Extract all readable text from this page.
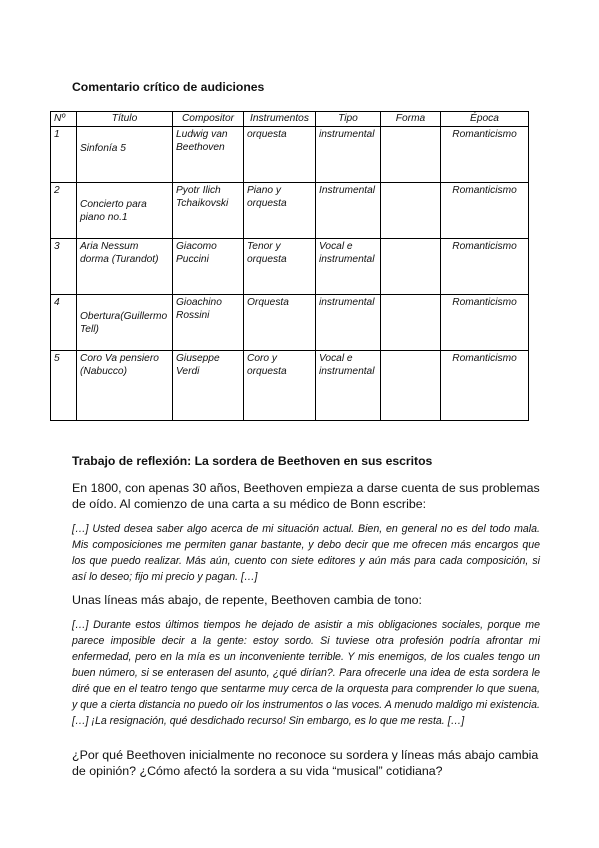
Comentario crítico de audiciones
Nº	Título	Compositor	Instrumentos	Tipo	Forma	Época
1	Sinfonía 5	Ludwig van Beethoven	orquesta	instrumental		Romanticismo
2	Concierto para piano no.1	Pyotr Ilich Tchaikovski	Piano y orquesta	Instrumental		Romanticismo
3	Aria Nessum dorma (Turandot)	Giacomo Puccini	Tenor y orquesta	Vocal e instrumental		Romanticismo
4	Obertura(Guillermo Tell)	Gioachino Rossini	Orquesta	instrumental		Romanticismo
5	Coro Va pensiero (Nabucco)	Giuseppe Verdi	Coro y orquesta	Vocal e instrumental		Romanticismo
Trabajo de reflexión: La sordera de Beethoven en sus escritos
En 1800, con apenas 30 años, Beethoven empieza a darse cuenta de sus problemas de oído. Al comienzo de una carta a su médico de Bonn escribe:
[…] Usted desea saber algo acerca de mi situación actual. Bien, en general no es del todo mala. Mis composiciones me permiten ganar bastante, y debo decir que me ofrecen más encargos que los que puedo realizar. Más aún, cuento con siete editores y aún más para cada composición, si así lo deseo; fijo mi precio y pagan. […]
Unas líneas más abajo, de repente, Beethoven cambia de tono:
[…] Durante estos últimos tiempos he dejado de asistir a mis obligaciones sociales, porque me parece imposible decir a la gente: estoy sordo. Si tuviese otra profesión podría afrontar mi enfermedad, pero en la mía es un inconveniente terrible. Y mis enemigos, de los cuales tengo un buen número, si se enterasen del asunto, ¿qué dirían?. Para ofrecerle una idea de esta sordera le diré que en el teatro tengo que sentarme muy cerca de la orquesta para comprender lo que suena, y que a cierta distancia no puedo oír los instrumentos o las voces. A menudo maldigo mi existencia. […] ¡La resignación, qué desdichado recurso! Sin embargo, es lo que me resta. […]
¿Por qué Beethoven inicialmente no reconoce su sordera y líneas más abajo cambia de opinión? ¿Cómo afectó la sordera a su vida “musical” cotidiana?
